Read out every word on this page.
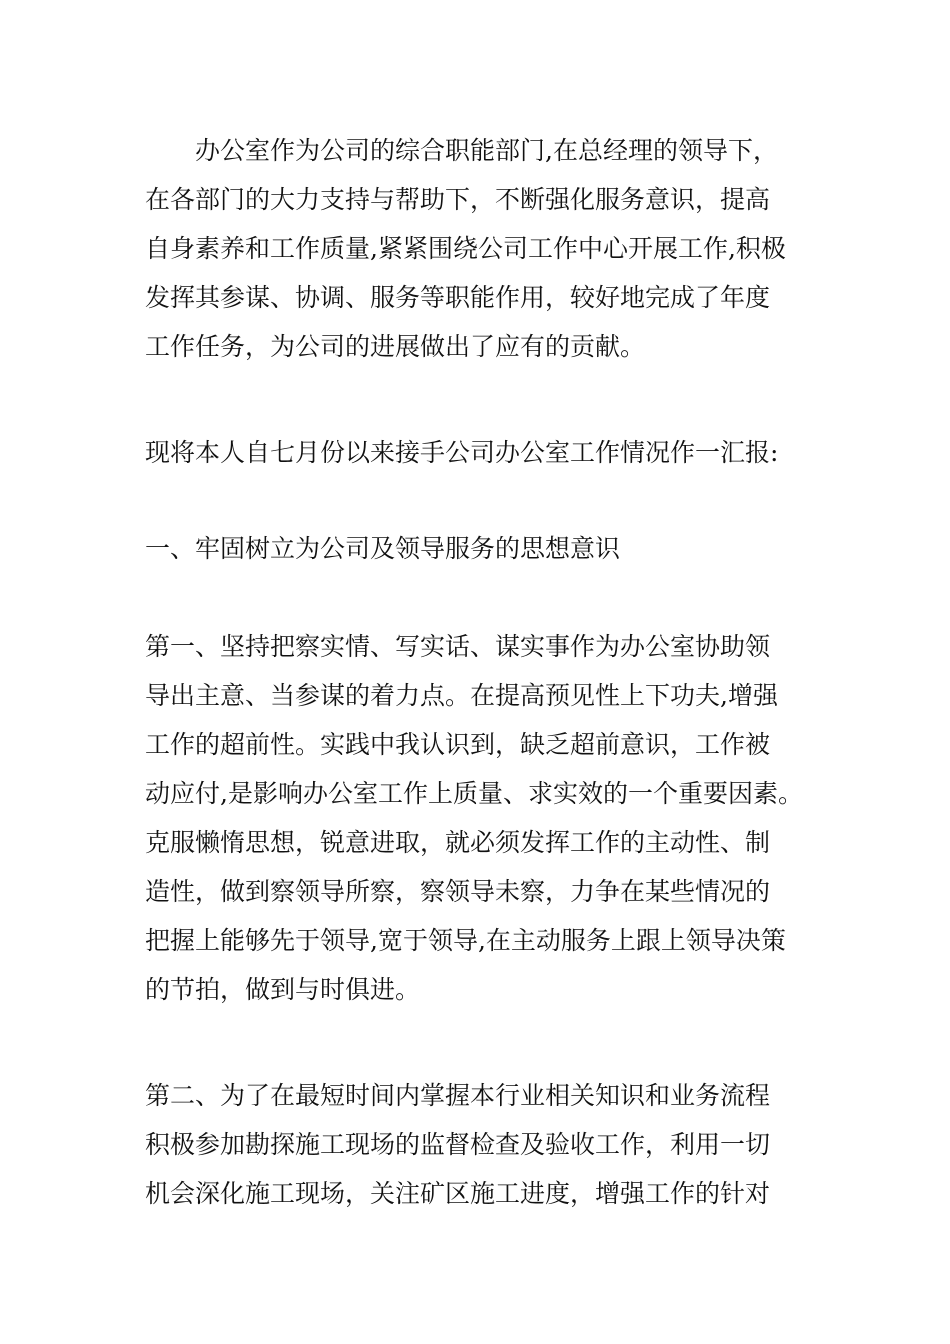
办公室作为公司的综合职能部门,在总经理的领导下，
在各部门的大力支持与帮助下，不断强化服务意识，提高
自身素养和工作质量,紧紧围绕公司工作中心开展工作,积极
发挥其参谋、协调、服务等职能作用，较好地完成了年度
工作任务，为公司的进展做出了应有的贡献。
现将本人自七月份以来接手公司办公室工作情况作一汇报:
一、牢固树立为公司及领导服务的思想意识
第一、坚持把察实情、写实话、谋实事作为办公室协助领
导出主意、当参谋的着力点。在提高预见性上下功夫,增强
工作的超前性。实践中我认识到，缺乏超前意识，工作被
动应付,是影响办公室工作上质量、求实效的一个重要因素。
克服懒惰思想，锐意进取，就必须发挥工作的主动性、制
造性，做到察领导所察，察领导未察，力争在某些情况的
把握上能够先于领导,宽于领导,在主动服务上跟上领导决策
的节拍，做到与时俱进。
第二、为了在最短时间内掌握本行业相关知识和业务流程
积极参加勘探施工现场的监督检查及验收工作，利用一切
机会深化施工现场，关注矿区施工进度，增强工作的针对
